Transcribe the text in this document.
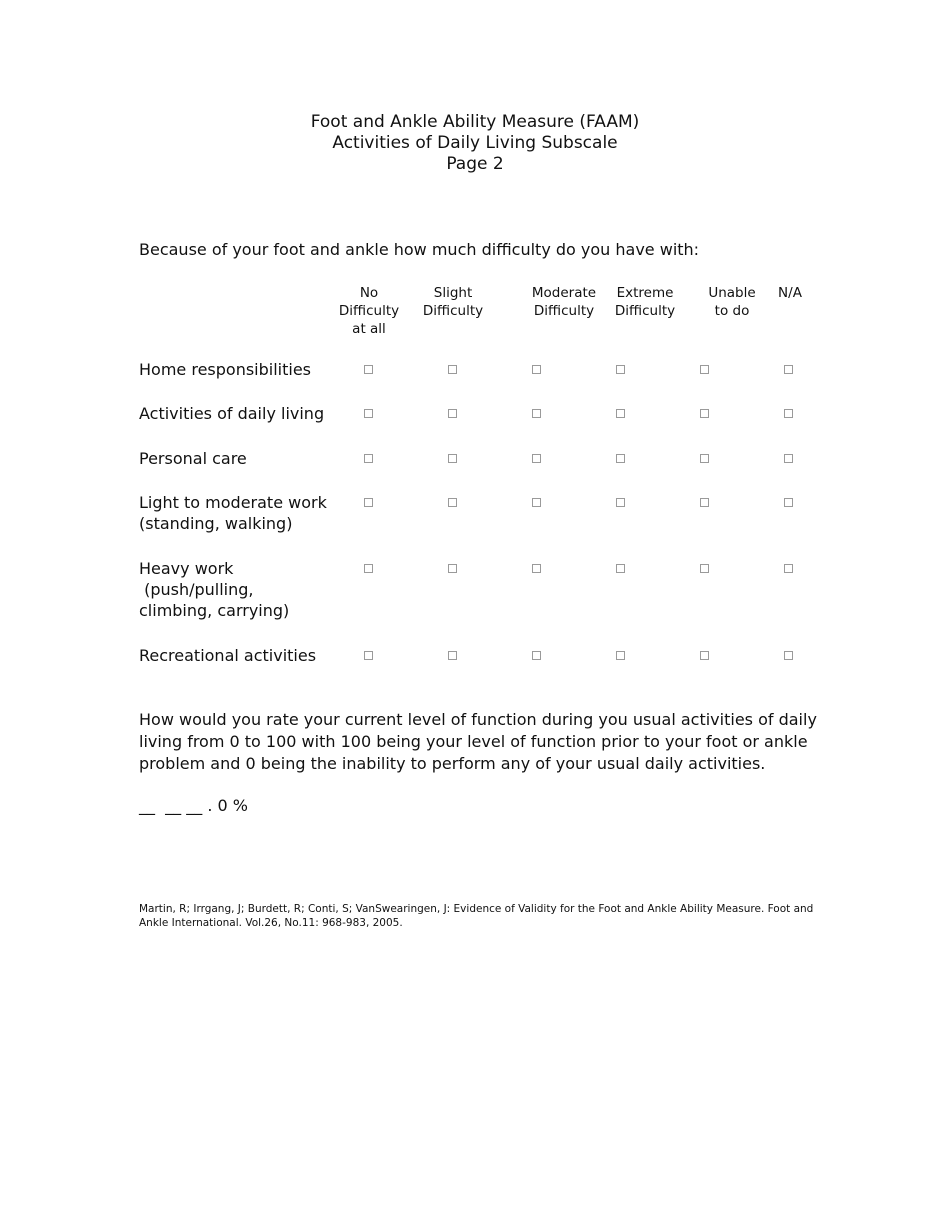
Foot and Ankle Ability Measure (FAAM)
Activities of Daily Living Subscale
Page 2
Because of your foot and ankle how much difficulty do you have with:
No
Difficulty
at all
Slight
Difficulty
Moderate
Difficulty
Extreme
Difficulty
Unable
to do
N/A
Home responsibilities
Activities of daily living
Personal care
Light to moderate work
(standing, walking)
Heavy work
(push/pulling,
climbing, carrying)
Recreational activities
How would you rate your current level of function during you usual activities of daily
living from 0 to 100 with 100 being your level of function prior to your foot or ankle
problem and 0 being the inability to perform any of your usual daily activities.
__  __ __ . 0 %
Martin, R; Irrgang, J; Burdett, R; Conti, S; VanSwearingen, J: Evidence of Validity for the Foot and Ankle Ability Measure. Foot and
Ankle International. Vol.26, No.11: 968-983, 2005.
